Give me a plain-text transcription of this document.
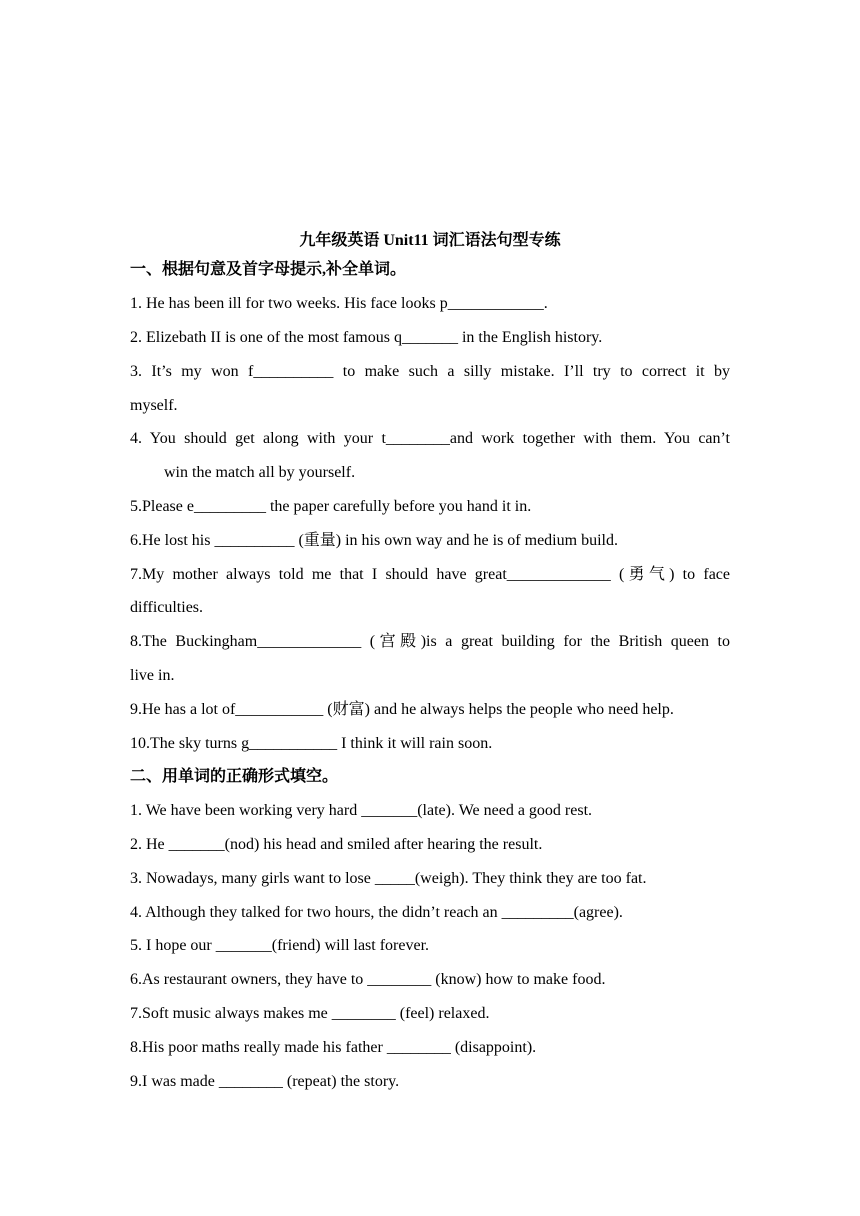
九年级英语 Unit11 词汇语法句型专练
一、根据句意及首字母提示,补全单词。
1. He has been ill for two weeks. His face looks p____________.
2. Elizebath II is one of the most famous q_______ in the English history.
3. It’s my won f__________ to make such a silly mistake. I’ll try to correct it by
myself.
4. You should get along with your t________and work together with them. You can’t
win the match all by yourself.
5.Please e_________ the paper carefully before you hand it in.
6.He lost his __________ (重量) in his own way and he is of medium build.
7.My mother always told me that I should have great_____________ (勇气) to face
difficulties.
8.The Buckingham_____________ (宫殿)is a great building for the British queen to
live in.
9.He has a lot of___________ (财富) and he always helps the people who need help.
10.The sky turns g___________ I think it will rain soon.
二、用单词的正确形式填空。
1. We have been working very hard _______(late). We need a good rest.
2. He _______(nod) his head and smiled after hearing the result.
3. Nowadays, many girls want to lose _____(weigh). They think they are too fat.
4. Although they talked for two hours, the didn’t reach an _________(agree).
5. I hope our _______(friend) will last forever.
6.As restaurant owners, they have to ________ (know) how to make food.
7.Soft music always makes me ________ (feel) relaxed.
8.His poor maths really made his father ________ (disappoint).
9.I was made ________ (repeat) the story.
